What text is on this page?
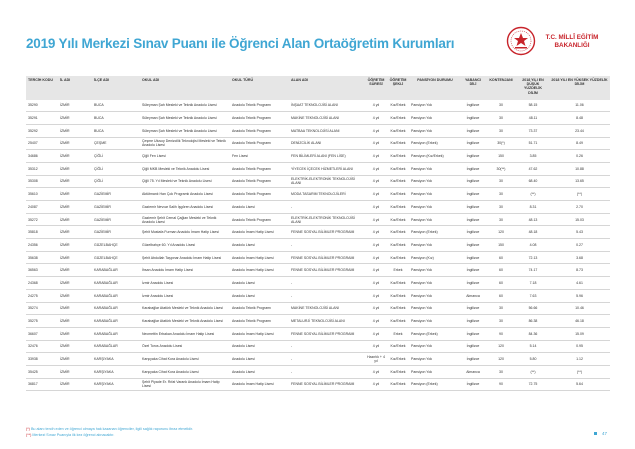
2019 Yılı Merkezi Sınav Puanı ile Öğrenci Alan Ortaöğretim Kurumları	T.C. MİLLÎ EĞİTİM
BAKANLIĞI
TERCİH KODU	İL ADI	İLÇE ADI	OKUL ADI	OKUL TÜRÜ	ALAN ADI	ÖĞRETİM SÜRESİ	ÖĞRETİM ŞEKLİ	PANSİYON DURUMU	YABANCI DİLİ	KONTENJANI	2018 YILI EN DÜŞÜK YÜZDELİK DİLİM	2018 YILI EN YÜKSEK YÜZDELİK DİLİM
35290	İZMİR	BUCA	Süleyman Şah Mesleki ve Teknik Anadolu Lisesi	Anadolu Teknik Programı	İNŞAAT TEKNOLOJİSİ ALANI	4 yıl	Kız/Erkek	Pansiyon Yok	İngilizce	30	58.15	11.06
35291	İZMİR	BUCA	Süleyman Şah Mesleki ve Teknik Anadolu Lisesi	Anadolu Teknik Programı	MAKİNE TEKNOLOJİSİ ALANI	4 yıl	Kız/Erkek	Pansiyon Yok	İngilizce	30	48.11	8.48
35292	İZMİR	BUCA	Süleyman Şah Mesleki ve Teknik Anadolu Lisesi	Anadolu Teknik Programı	MATBAA TEKNOLOJİSİ ALANI	4 yıl	Kız/Erkek	Pansiyon Yok	İngilizce	30	73.37	23.44
25407	İZMİR	ÇEŞME	Çeşme Ulusoy Denizcilik Teknolojisi Mesleki ve Teknik Anadolu Lisesi	Anadolu Teknik Programı	DENİZCİLİK ALANI	4 yıl	Kız/Erkek	Pansiyon (Erkek)	İngilizce	30(*)	51.71	8.49
34686	İZMİR	ÇİĞLİ	Çiğli Fen Lisesi	Fen Lisesi	FEN BİLİMLERİ ALANI (FEN LİSE)	4 yıl	Kız/Erkek	Pansiyon (Kız/Erkek)	İngilizce	150	3.85	0.26
35312	İZMİR	ÇİĞLİ	Çiğli MKB Mesleki ve Teknik Anadolu Lisesi	Anadolu Teknik Programı	YİYECEK İÇECEK HİZMETLERİ ALANI	4 yıl	Kız/Erkek	Pansiyon Yok	İngilizce	30(**)	47.62	10.88
35308	İZMİR	ÇİĞLİ	Çiğli 75. Yıl Mesleki ve Teknik Anadolu Lisesi	Anadolu Teknik Programı	ELEKTRİK-ELEKTRONİK TEKNOLOJİSİ ALANI	4 yıl	Kız/Erkek	Pansiyon Yok	İngilizce	30	68.40	13.65
35610	İZMİR	GAZİEMİR	Aktütmanlı Han Çok Programlı Anadolu Lisesi	Anadolu Teknik Programı	MODA TASARIM TEKNOLOJİLERİ	4 yıl	Kız/Erkek	Pansiyon Yok	İngilizce	30	(**)	(**)
24087	İZMİR	GAZİEMİR	Gaziemir Nevvar Salih İşgören Anadolu Lisesi	Anadolu Lisesi	-	4 yıl	Kız/Erkek	Pansiyon Yok	İngilizce	30	8.31	2.70
35272	İZMİR	GAZİEMİR	Gaziemir Şehit Cemal Çağlan Mesleki ve Teknik Anadolu Lisesi	Anadolu Teknik Programı	ELEKTRİK-ELEKTRONİK TEKNOLOJİSİ ALANI	4 yıl	Kız/Erkek	Pansiyon Yok	İngilizce	30	48.13	15.03
35818	İZMİR	GAZİEMİR	Şehit Mustafa Furman Anadolu İmam Hatip Lisesi	Anadolu İmam Hatip Lisesi	FENNE SOSYAL BİLİMLER PROGRAMI	4 yıl	Kız/Erkek	Pansiyon (Erkek)	İngilizce	120	48.18	5.43
24356	İZMİR	GÜZELBAHÇE	Güzelbahçe 60. Yıl Anadolu Lisesi	Anadolu Lisesi	-	4 yıl	Kız/Erkek	Pansiyon Yok	İngilizce	150	4.08	0.27
35638	İZMİR	GÜZELBAHÇE	Şehit Abdullah Taşpınar Anadolu İmam Hatip Lisesi	Anadolu İmam Hatip Lisesi	FENNE SOSYAL BİLİMLER PROGRAMI	4 yıl	Kız/Erkek	Pansiyon (Kız)	İngilizce	60	72.13	3.68
36563	İZMİR	KARABAĞLAR	İhsan Anadolu İmam Hatip Lisesi	Anadolu İmam Hatip Lisesi	FENNE SOSYAL BİLİMLER PROGRAMI	4 yıl	Erkek	Pansiyon Yok	İngilizce	60	74.17	8.73
24368	İZMİR	KARABAĞLAR	İzmir Anadolu Lisesi	Anadolu Lisesi	-	4 yıl	Kız/Erkek	Pansiyon Yok	İngilizce	60	7.18	4.61
24275	İZMİR	KARABAĞLAR	İzmir Anadolu Lisesi	Anadolu Lisesi	-	4 yıl	Kız/Erkek	Pansiyon Yok	Almanca	60	7.63	5.96
35274	İZMİR	KARABAĞLAR	Karabağlar Atatürk Mesleki ve Teknik Anadolu Lisesi	Anadolu Teknik Programı	MAKİNE TEKNOLOJİSİ ALANI	4 yıl	Kız/Erkek	Pansiyon Yok	İngilizce	30	56.66	10.46
35275	İZMİR	KARABAĞLAR	Karabağlar Atatürk Mesleki ve Teknik Anadolu Lisesi	Anadolu Teknik Programı	METALURJİ TEKNOLOJİSİ ALANI	4 yıl	Kız/Erkek	Pansiyon Yok	İngilizce	30	86.38	46.18
36607	İZMİR	KARABAĞLAR	Necmettin Erbakan Anadolu İmam Hatip Lisesi	Anadolu İmam Hatip Lisesi	FENNE SOSYAL BİLİMLER PROGRAMI	4 yıl	Erkek	Pansiyon (Erkek)	İngilizce	90	84.36	15.09
32476	İZMİR	KARABAĞLAR	Özel Toros Anadolu Lisesi	Anadolu Lisesi	-	4 yıl	Kız/Erkek	Pansiyon Yok	İngilizce	120	5.14	0.95
33938	İZMİR	KARŞIYAKA	Karşıyaka Cihat Kora Anadolu Lisesi	Anadolu Lisesi	-	Hazırlık + 4 yıl	Kız/Erkek	Pansiyon Yok	İngilizce	120	5.80	1.12
35425	İZMİR	KARŞIYAKA	Karşıyaka Cihat Kora Anadolu Lisesi	Anadolu Lisesi	-	4 yıl	Kız/Erkek	Pansiyon Yok	Almanca	30	(**)	(**)
36817	İZMİR	KARŞIYAKA	Şehit Piyade Er. Rıfat Varank Anadolu İmam Hatip Lisesi	Anadolu İmam Hatip Lisesi	FENNE SOSYAL BİLİMLER PROGRAMI	4 yıl	Kız/Erkek	Pansiyon (Erkek)	İngilizce	90	72.75	5.64
(*) Bu alanı tercih eden ve öğrenci olmaya hak kazanan öğrenciler, ilgili sağlık raporunu ibraz etmelidir.
(**) Merkezi Sınav Puanıyla ilk kez öğrenci alınacaktır.	47
